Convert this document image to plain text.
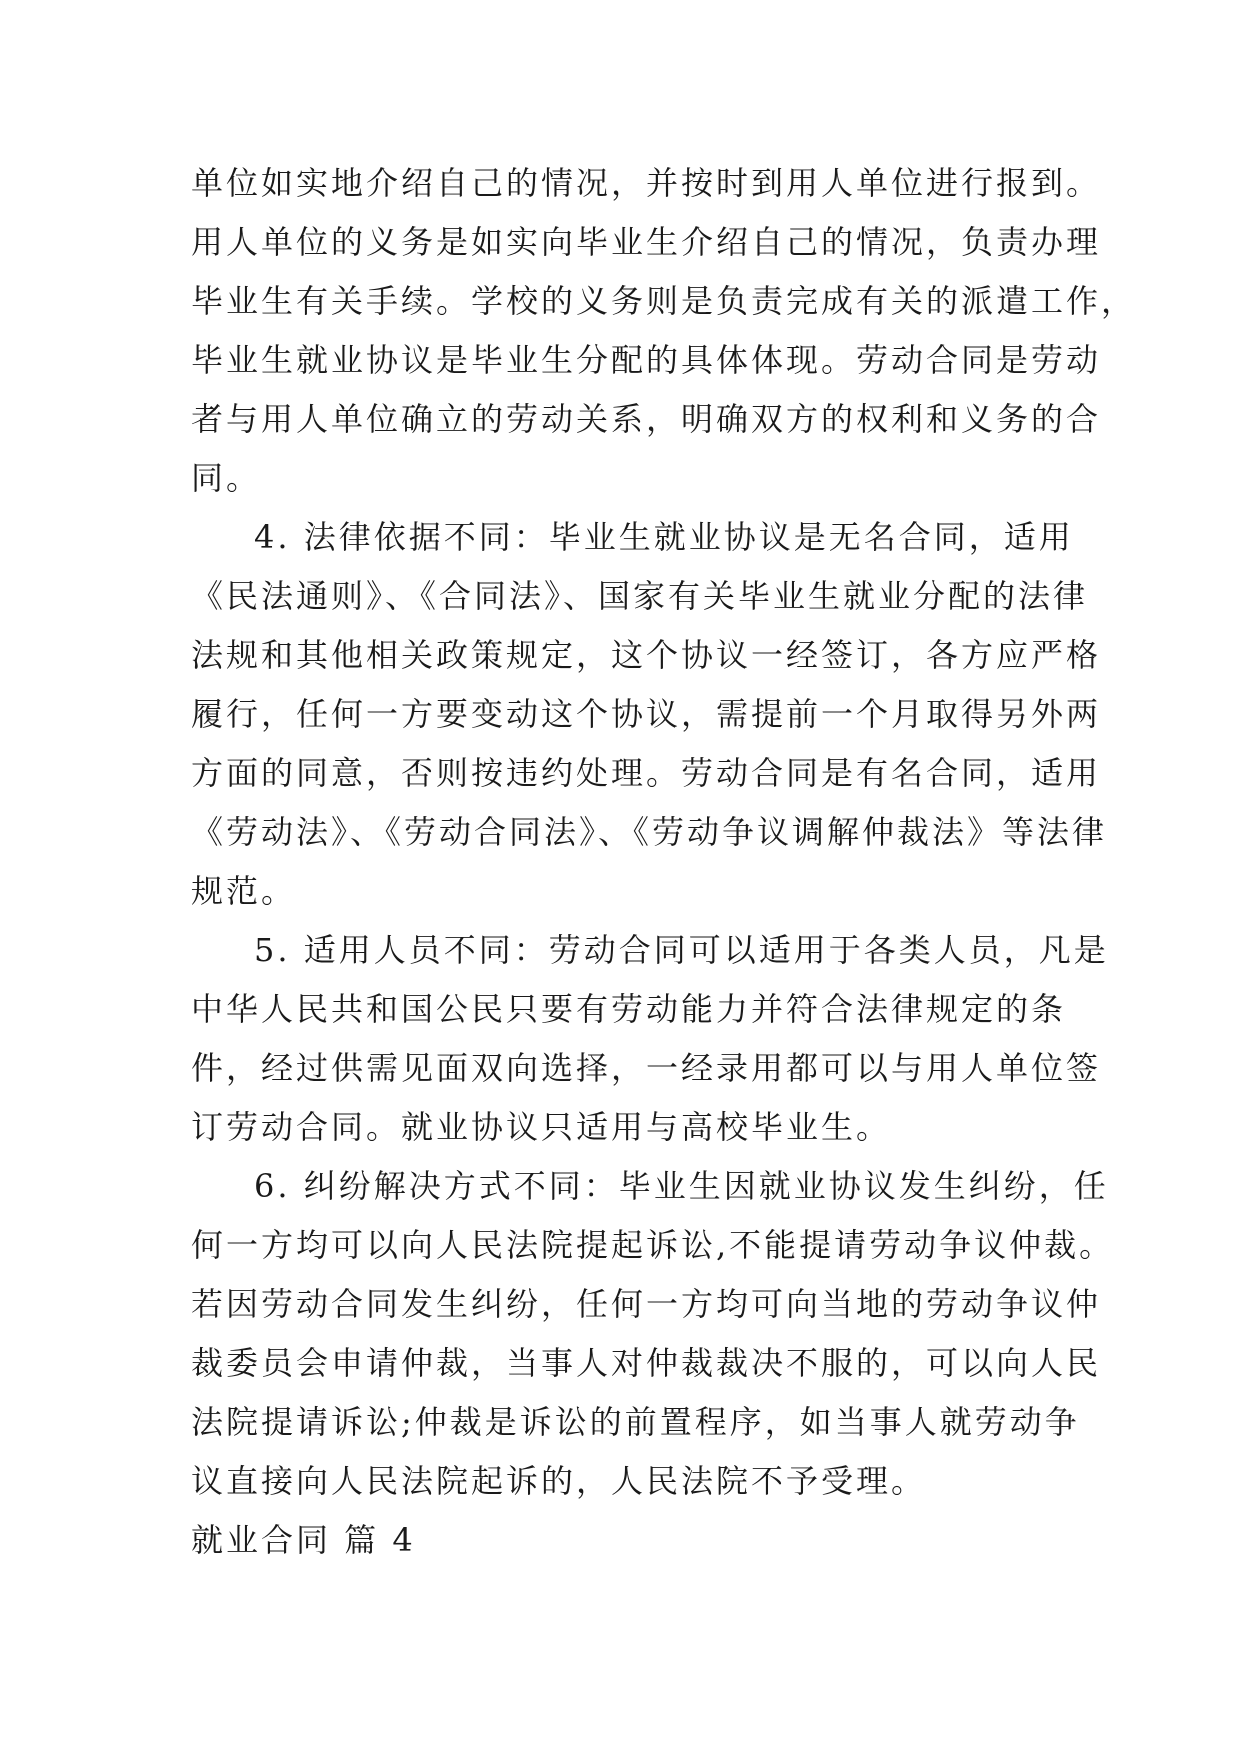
单位如实地介绍自己的情况，并按时到用人单位进行报到。
用人单位的义务是如实向毕业生介绍自己的情况，负责办理
毕业生有关手续。学校的义务则是负责完成有关的派遣工作，
毕业生就业协议是毕业生分配的具体体现。劳动合同是劳动
者与用人单位确立的劳动关系，明确双方的权利和义务的合
同。
4. 法律依据不同：毕业生就业协议是无名合同，适用
《民法通则》、《合同法》、国家有关毕业生就业分配的法律
法规和其他相关政策规定，这个协议一经签订，各方应严格
履行，任何一方要变动这个协议，需提前一个月取得另外两
方面的同意，否则按违约处理。劳动合同是有名合同，适用
《劳动法》、《劳动合同法》、《劳动争议调解仲裁法》等法律
规范。
5. 适用人员不同：劳动合同可以适用于各类人员，凡是
中华人民共和国公民只要有劳动能力并符合法律规定的条
件，经过供需见面双向选择，一经录用都可以与用人单位签
订劳动合同。就业协议只适用与高校毕业生。
6. 纠纷解决方式不同：毕业生因就业协议发生纠纷，任
何一方均可以向人民法院提起诉讼,不能提请劳动争议仲裁。
若因劳动合同发生纠纷，任何一方均可向当地的劳动争议仲
裁委员会申请仲裁，当事人对仲裁裁决不服的，可以向人民
法院提请诉讼;仲裁是诉讼的前置程序，如当事人就劳动争
议直接向人民法院起诉的，人民法院不予受理。
就业合同 篇 4
